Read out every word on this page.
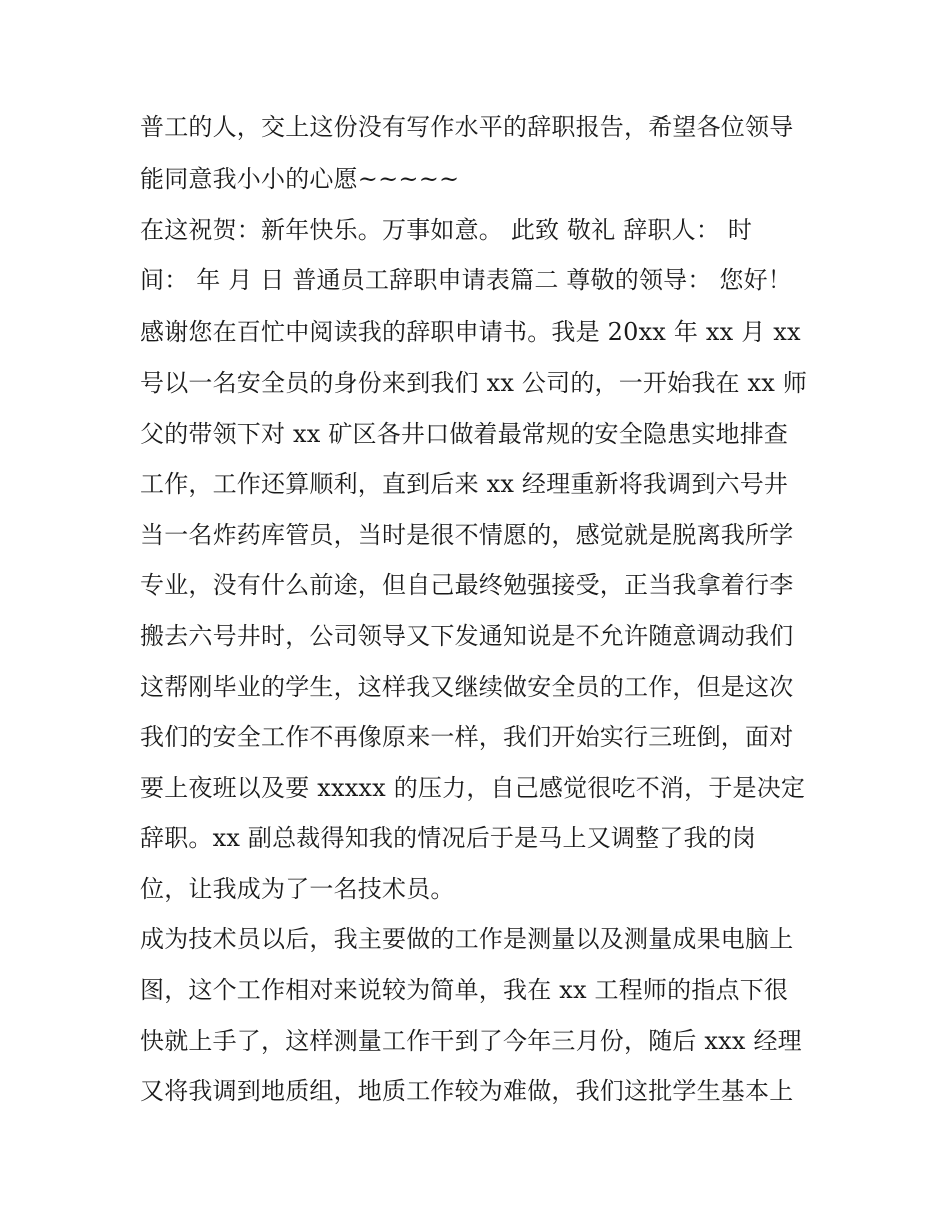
普工的人，交上这份没有写作水平的辞职报告，希望各位领导
能同意我小小的心愿~~~~~
在这祝贺：新年快乐。万事如意。 此致 敬礼 辞职人： 时
间： 年 月 日 普通员工辞职申请表篇二 尊敬的领导： 您好！
感谢您在百忙中阅读我的辞职申请书。我是 20xx 年 xx 月 xx
号以一名安全员的身份来到我们 xx 公司的，一开始我在 xx 师
父的带领下对 xx 矿区各井口做着最常规的安全隐患实地排查
工作，工作还算顺利，直到后来 xx 经理重新将我调到六号井
当一名炸药库管员，当时是很不情愿的，感觉就是脱离我所学
专业，没有什么前途，但自己最终勉强接受，正当我拿着行李
搬去六号井时，公司领导又下发通知说是不允许随意调动我们
这帮刚毕业的学生，这样我又继续做安全员的工作，但是这次
我们的安全工作不再像原来一样，我们开始实行三班倒，面对
要上夜班以及要 xxxxx 的压力，自己感觉很吃不消，于是决定
辞职。xx 副总裁得知我的情况后于是马上又调整了我的岗
位，让我成为了一名技术员。
成为技术员以后，我主要做的工作是测量以及测量成果电脑上
图，这个工作相对来说较为简单，我在 xx 工程师的指点下很
快就上手了，这样测量工作干到了今年三月份，随后 xxx 经理
又将我调到地质组，地质工作较为难做，我们这批学生基本上
